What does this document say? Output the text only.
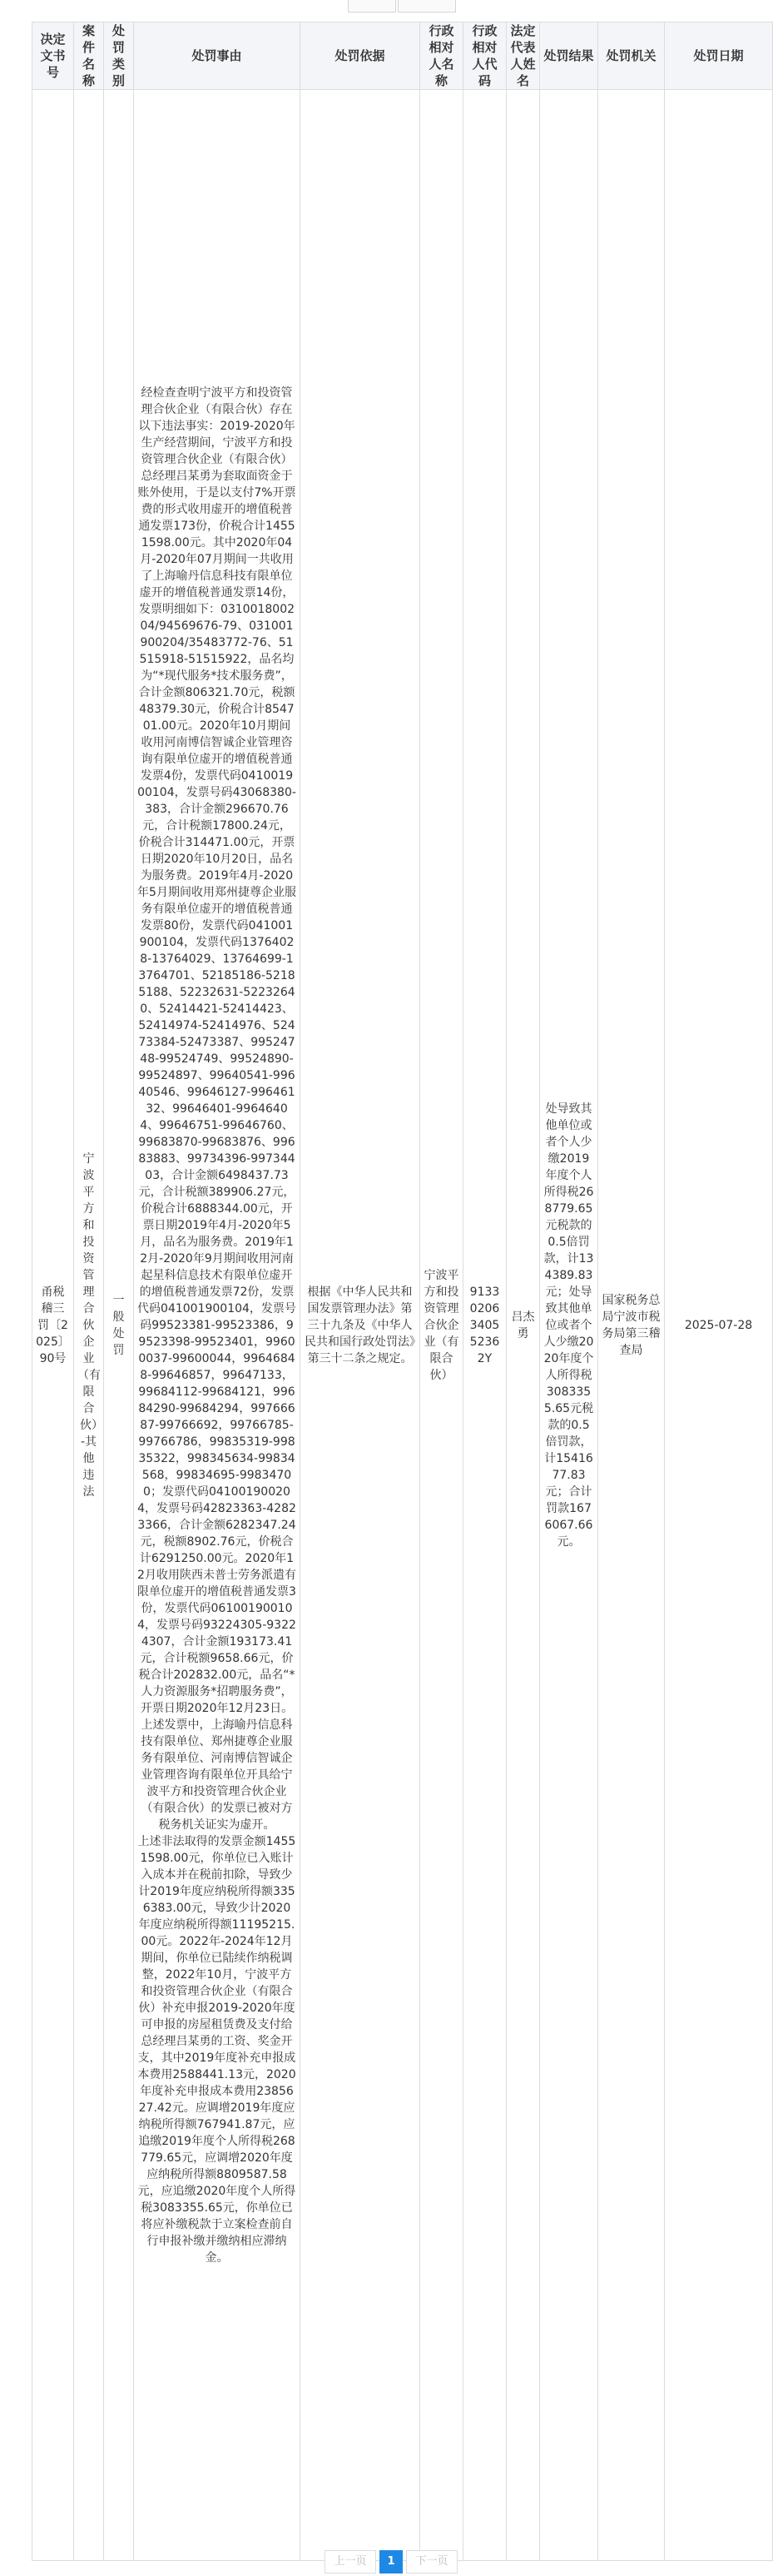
决定文书号	案件名称	处罚类别	处罚事由	处罚依据	行政相对人名称	行政相对人代码	法定代表人姓名	处罚结果	处罚机关	处罚日期
甬税稽三罚〔2025〕90号	宁波平方和投资管理合伙企业（有限合伙）-其他违法	一般处罚	经检查查明宁波平方和投资管理合伙企业（有限合伙）存在以下违法事实：2019-2020年生产经营期间，宁波平方和投资管理合伙企业（有限合伙）总经理吕某勇为套取面资金于账外使用，于是以支付7%开票费的形式收用虚开的增值税普通发票173份，价税合计14551598.00元。其中2020年04月-2020年07月期间一共收用了上海喻丹信息科技有限单位虚开的增值税普通发票14份，发票明细如下：031001800204/94569676-79、031001900204/35483772-76、51515918-51515922，品名均为“*现代服务*技术服务费”，合计金额806321.70元，税额48379.30元，价税合计854701.00元。2020年10月期间收用河南博信智诚企业管理咨询有限单位虚开的增值税普通发票4份，发票代码041001900104，发票号码43068380-383，合计金额296670.76元，合计税额17800.24元，价税合计314471.00元，开票日期2020年10月20日，品名为服务费。2019年4月-2020年5月期间收用郑州捷尊企业服务有限单位虚开的增值税普通发票80份，发票代码041001900104，发票代码13764028-13764029、13764699-13764701、52185186-52185188、52232631-52232640、52414421-52414423、52414974-52414976、52473384-52473387、99524748-99524749、99524890-99524897、99640541-99640546、99646127-99646132、99646401-99646404、99646751-99646760、99683870-99683876、99683883、99734396-99734403，合计金额6498437.73元，合计税额389906.27元，价税合计6888344.00元，开票日期2019年4月-2020年5月，品名为服务费。2019年12月-2020年9月期间收用河南起星科信息技术有限单位虚开的增值税普通发票72份，发票代码041001900104，发票号码99523381-99523386，99523398-99523401，99600037-99600044，99646848-99646857，99647133，99684112-99684121，99684290-99684294，99766687-99766692，99766785-99766786，99835319-99835322，998345634-99834568，99834695-99834700；发票代码041001900204，发票号码42823363-42823366，合计金额6282347.24元，税额8902.76元，价税合计6291250.00元。2020年12月收用陕西未普士劳务派遣有限单位虚开的增值税普通发票3份，发票代码061001900104，发票号码93224305-93224307，合计金额193173.41元，合计税额9658.66元，价税合计202832.00元，品名“*人力资源服务*招聘服务费”，开票日期2020年12月23日。

上述发票中，上海喻丹信息科技有限单位、郑州捷尊企业服务有限单位、河南博信智诚企业管理咨询有限单位开具给宁波平方和投资管理合伙企业（有限合伙）的发票已被对方税务机关证实为虚开。

上述非法取得的发票金额14551598.00元，你单位已入账计入成本并在税前扣除，导致少计2019年度应纳税所得额3356383.00元，导致少计2020年度应纳税所得额11195215.00元。2022年-2024年12月期间，你单位已陆续作纳税调整，2022年10月，宁波平方和投资管理合伙企业（有限合伙）补充申报2019-2020年度可申报的房屋租赁费及支付给总经理吕某勇的工资、奖金开支，其中2019年度补充申报成本费用2588441.13元，2020年度补充申报成本费用2385627.42元。应调增2019年度应纳税所得额767941.87元，应追缴2019年度个人所得税268779.65元，应调增2020年度应纳税所得额8809587.58元，应追缴2020年度个人所得税3083355.65元，你单位已将应补缴税款于立案检查前自行申报补缴并缴纳相应滞纳金。	根据《中华人民共和国发票管理办法》第三十九条及《中华人民共和国行政处罚法》第三十二条之规定。	宁波平方和投资管理合伙企业（有限合伙）	91330206340552362Y	吕杰勇	处导致其他单位或者个人少缴2019年度个人所得税268779.65元税款的0.5倍罚款，计134389.83元；处导致其他单位或者个人少缴2020年度个人所得税3083355.65元税款的0.5倍罚款，计1541677.83元；合计罚款1676067.66元。	国家税务总局宁波市税务局第三稽查局	2025-07-28
上一页	1	下一页
